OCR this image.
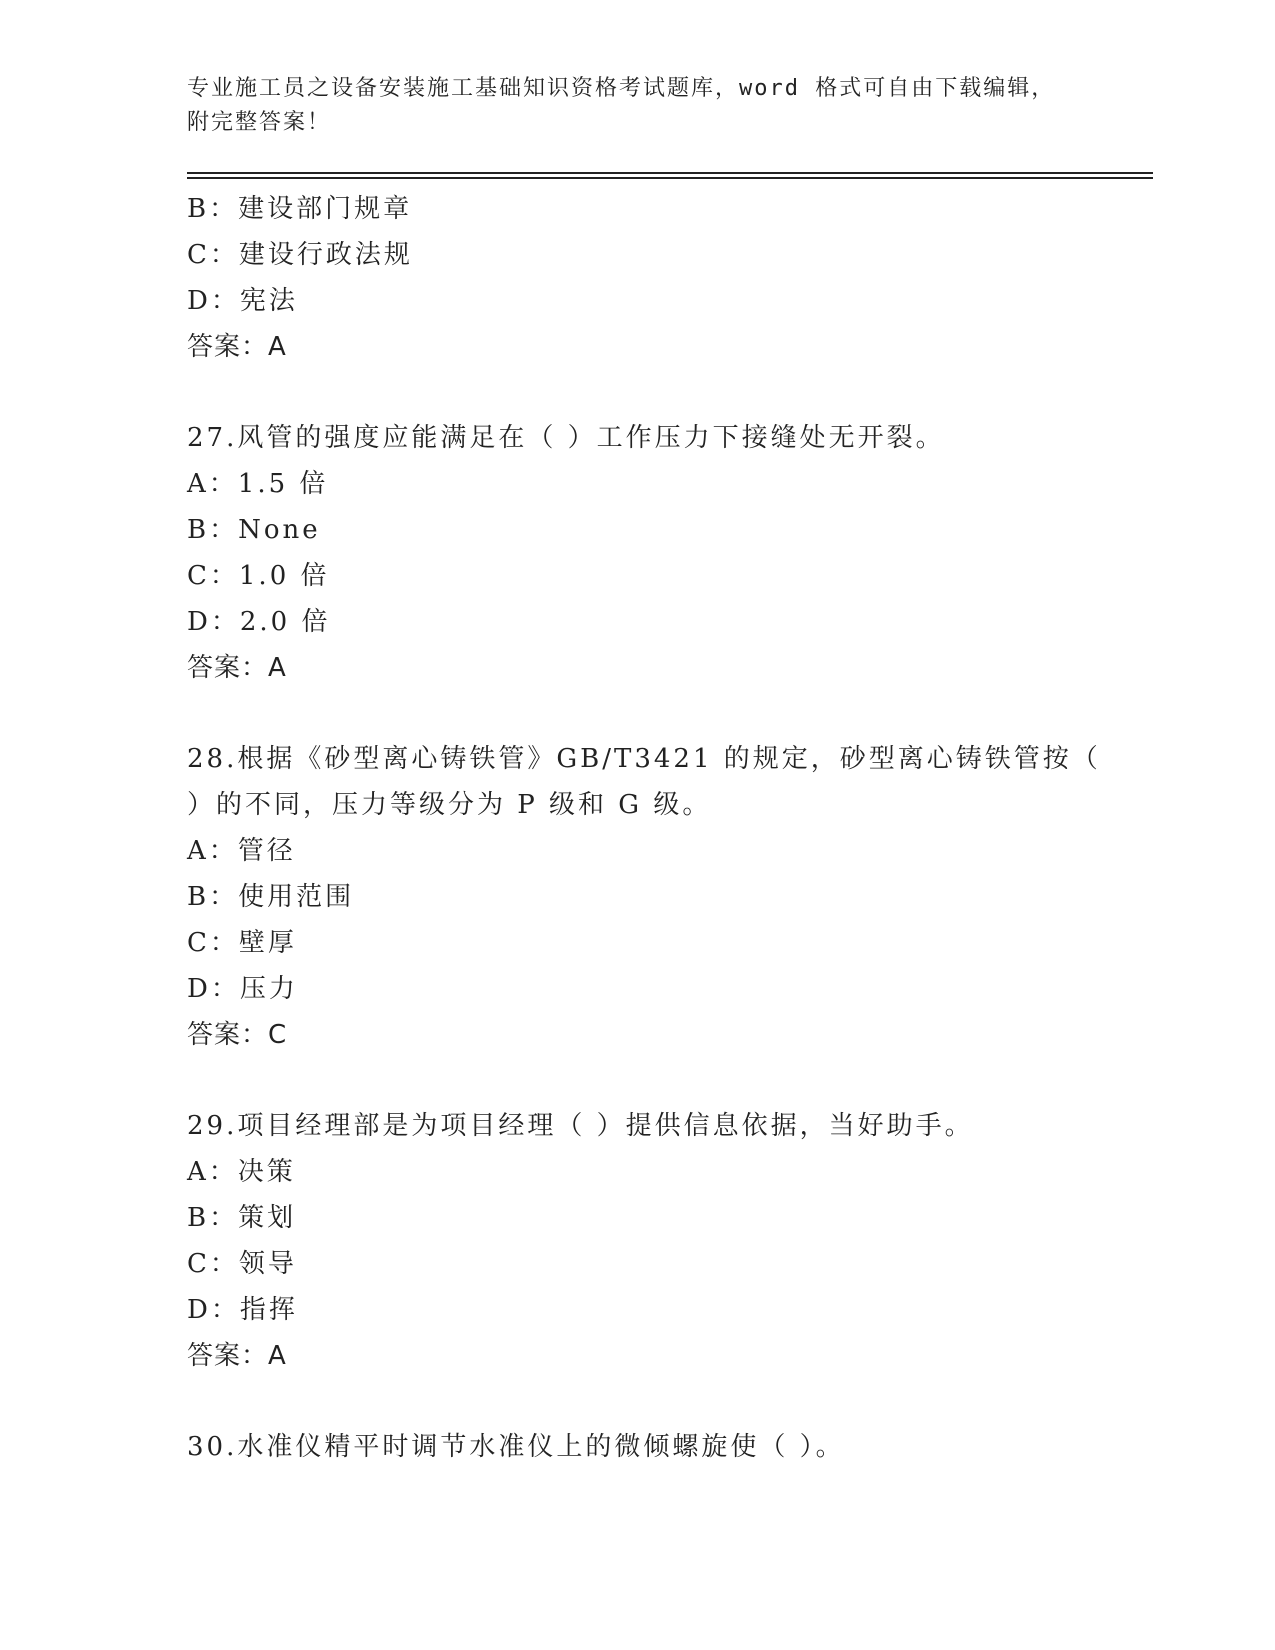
专业施工员之设备安装施工基础知识资格考试题库，word 格式可自由下载编辑，
附完整答案！
B：建设部门规章
C：建设行政法规
D：宪法
答案：A
27.风管的强度应能满足在（ ）工作压力下接缝处无开裂。
A：1.5 倍
B：None
C：1.0 倍
D：2.0 倍
答案：A
28.根据《砂型离心铸铁管》GB/T3421 的规定，砂型离心铸铁管按（
）的不同，压力等级分为 P 级和 G 级。
A：管径
B：使用范围
C：壁厚
D：压力
答案：C
29.项目经理部是为项目经理（ ）提供信息依据，当好助手。
A：决策
B：策划
C：领导
D：指挥
答案：A
30.水准仪精平时调节水准仪上的微倾螺旋使（ ）。
